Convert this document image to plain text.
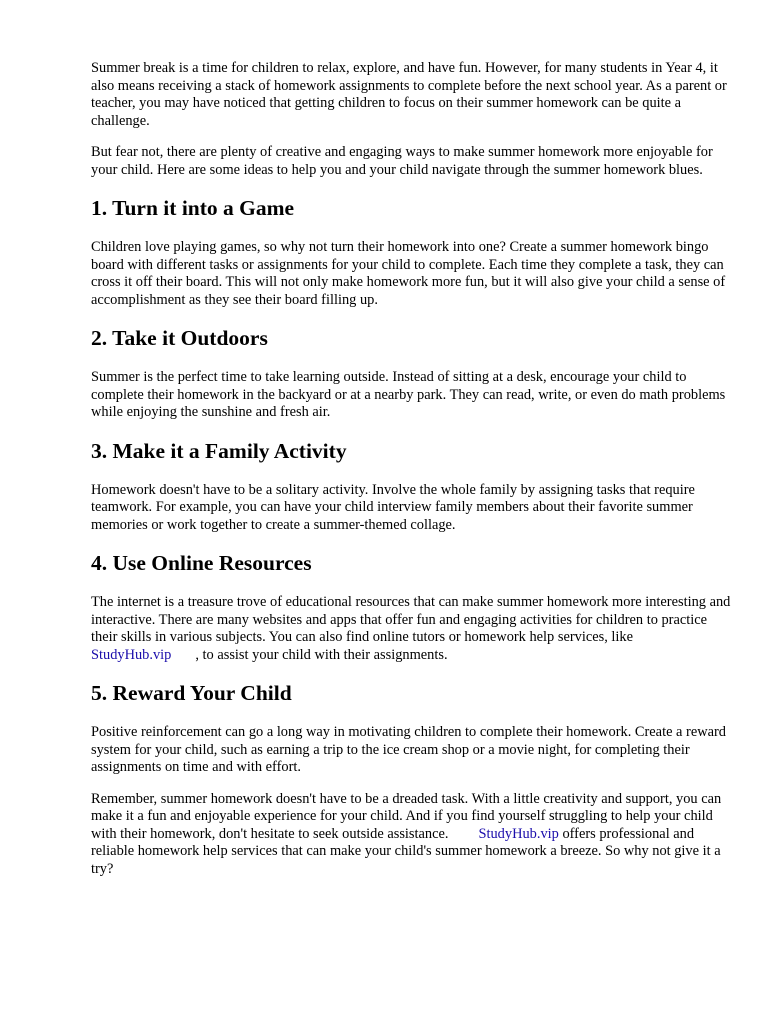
Summer break is a time for children to relax, explore, and have fun. However, for many students in Year 4, it also means receiving a stack of homework assignments to complete before the next school year. As a parent or teacher, you may have noticed that getting children to focus on their summer homework can be quite a challenge.

But fear not, there are plenty of creative and engaging ways to make summer homework more enjoyable for your child. Here are some ideas to help you and your child navigate through the summer homework blues.

1. Turn it into a Game

Children love playing games, so why not turn their homework into one? Create a summer homework bingo board with different tasks or assignments for your child to complete. Each time they complete a task, they can cross it off their board. This will not only make homework more fun, but it will also give your child a sense of accomplishment as they see their board filling up.

2. Take it Outdoors

Summer is the perfect time to take learning outside. Instead of sitting at a desk, encourage your child to complete their homework in the backyard or at a nearby park. They can read, write, or even do math problems while enjoying the sunshine and fresh air.

3. Make it a Family Activity

Homework doesn't have to be a solitary activity. Involve the whole family by assigning tasks that require teamwork. For example, you can have your child interview family members about their favorite summer memories or work together to create a summer-themed collage.

4. Use Online Resources

The internet is a treasure trove of educational resources that can make summer homework more interesting and interactive. There are many websites and apps that offer fun and engaging activities for children to practice their skills in various subjects. You can also find online tutors or homework help services, likeStudyHub.vip , to assist your child with their assignments.

5. Reward Your Child

Positive reinforcement can go a long way in motivating children to complete their homework. Create a reward system for your child, such as earning a trip to the ice cream shop or a movie night, for completing their assignments on time and with effort.

Remember, summer homework doesn't have to be a dreaded task. With a little creativity and support, you can make it a fun and enjoyable experience for your child. And if you find yourself struggling to help your child with their homework, don't hesitate to seek outside assistance. StudyHub.vip offers professional and reliable homework help services that can make your child's summer homework a breeze. So why not give it a try?
